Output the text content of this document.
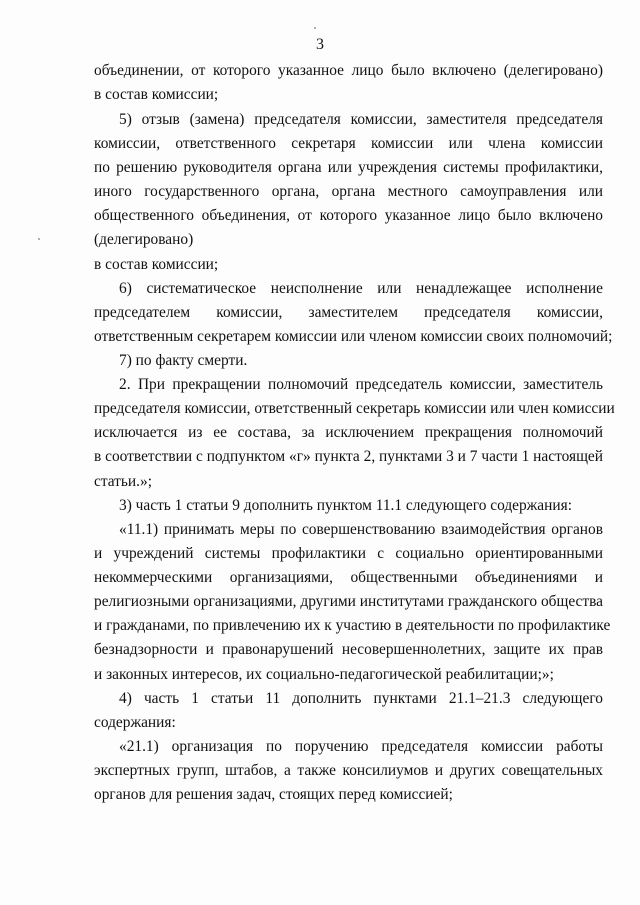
3
объединении, от которого указанное лицо было включено (делегировано)
в состав комиссии;
5) отзыв (замена) председателя комиссии, заместителя председателя
комиссии, ответственного секретаря комиссии или члена комиссии
по решению руководителя органа или учреждения системы профилактики,
иного государственного органа, органа местного самоуправления или
общественного объединения, от которого указанное лицо было включено
(делегировано)
в состав комиссии;
6) систематическое неисполнение или ненадлежащее исполнение
председателем комиссии, заместителем председателя комиссии,
ответственным секретарем комиссии или членом комиссии своих полномочий;
7) по факту смерти.
2. При прекращении полномочий председатель комиссии, заместитель
председателя комиссии, ответственный секретарь комиссии или член комиссии
исключается из ее состава, за исключением прекращения полномочий
в соответствии с подпунктом «г» пункта 2, пунктами 3 и 7 части 1 настоящей
статьи.»;
3) часть 1 статьи 9 дополнить пунктом 11.1 следующего содержания:
«11.1) принимать меры по совершенствованию взаимодействия органов
и учреждений системы профилактики с социально ориентированными
некоммерческими организациями, общественными объединениями и
религиозными организациями, другими институтами гражданского общества
и гражданами, по привлечению их к участию в деятельности по профилактике
безнадзорности и правонарушений несовершеннолетних, защите их прав
и законных интересов, их социально-педагогической реабилитации;»;
4) часть 1 статьи 11 дополнить пунктами 21.1–21.3 следующего
содержания:
«21.1) организация по поручению председателя комиссии работы
экспертных групп, штабов, а также консилиумов и других совещательных
органов для решения задач, стоящих перед комиссией;
